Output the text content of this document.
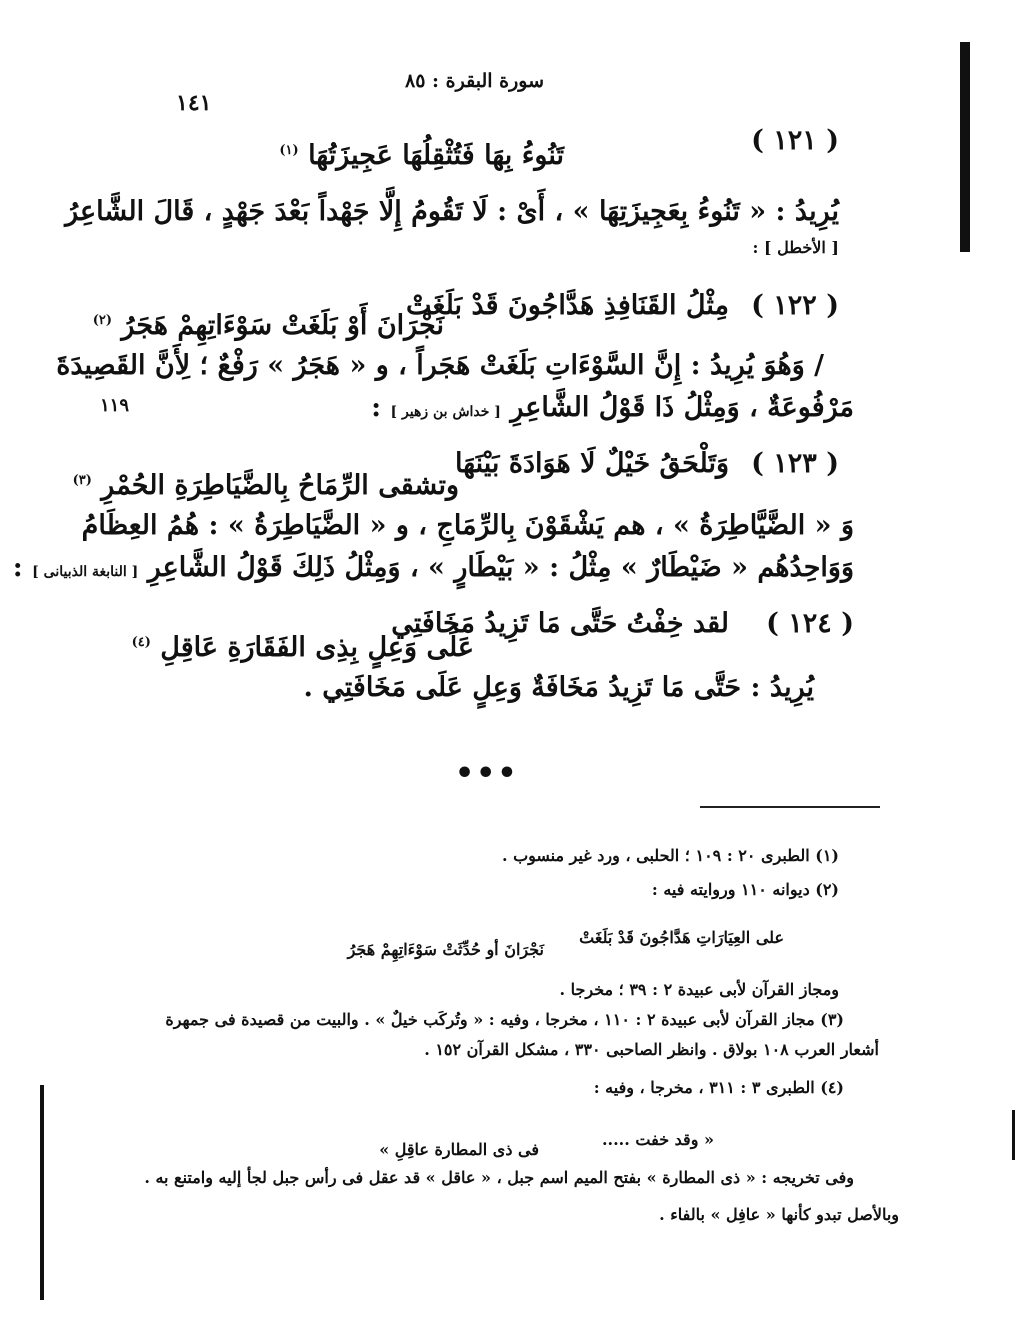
سورة البقرة : ٨٥
١٤١
( ١٢١ )
تَنُوءُ بِهَا فَتُثْقِلُهَا عَجِيزَتُهَا $^{(١)}$
يُرِيدُ : « تَنُوءُ بِعَجِيزَتِهَا » ، أَىْ : لَا تَقُومُ إِلَّا جَهْداً بَعْدَ جَهْدٍ ، قَالَ الشَّاعِرُ
[ الأخطل ] :
( ١٢٢ )
مِثْلُ القَنَافِذِ هَدَّاجُونَ قَدْ بَلَغَتْ
نَجْرَانَ أَوْ بَلَغَتْ سَوْءَاتِهِمْ هَجَرُ $^{(٢)}$
/ وَهُوَ يُرِيدُ : إِنَّ السَّوْءَاتِ بَلَغَتْ هَجَراً ، و « هَجَرُ » رَفْعٌ ؛ لِأَنَّ القَصِيدَةَ
١١٩	مَرْفُوعَةٌ ، وَمِثْلُ ذَا قَوْلُ الشَّاعِرِ [ خداش بن زهير ] :
( ١٢٣ )
وَتَلْحَقُ خَيْلٌ لَا هَوَادَةَ بَيْنَهَا
وتشقى الرِّمَاحُ بِالضَّيَاطِرَةِ الحُمْرِ $^{(٣)}$
وَ « الضَّيَّاطِرَةُ » ، هم يَشْقَوْنَ بِالرِّمَاجِ ، و « الضَّيَاطِرَةُ » : هُمُ العِظَامُ
وَوَاحِدُهُم « ضَيْطَارٌ » مِثْلُ : « بَيْطَارٍ » ، وَمِثْلُ ذَلِكَ قَوْلُ الشَّاعِرِ [ النابغة الذبيانى ] :
( ١٢٤ )
لقد خِفْتُ حَتَّى مَا تَزِيدُ مَخَافَتِي
عَلَى وَعِلٍ بِذِى الفَقَارَةِ عَاقِلِ $^{(٤)}$
يُرِيدُ : حَتَّى مَا تَزِيدُ مَخَافَةٌ وَعِلٍ عَلَى مَخَافَتِي .
•••
(١) الطبرى ٢٠ : ١٠٩ ؛ الحلبى ، ورد غير منسوب .
(٢) ديوانه ١١٠ وروايته فيه :
على العِيَارَاتِ هَدَّاجُونَ قَدْ بَلَغَتْ
نَجْرَانَ أو حُدِّثَتْ سَوْءَاتِهِمْ هَجَرُ
ومجاز القرآن لأبى عبيدة ٢ : ٣٩ ؛ مخرجا .
(٣) مجاز القرآن لأبى عبيدة ٢ : ١١٠ ، مخرجا ، وفيه : « وتُركَب خيلٌ » . والبيت من قصيدة فى جمهرة
أشعار العرب ١٠٨ بولاق . وانظر الصاحبى ٣٣٠ ، مشكل القرآن ١٥٢ .
(٤) الطبرى ٣ : ٣١١ ، مخرجا ، وفيه :
« وقد خفت .....
فى ذى المطارة عاقِلِ »
وفى تخريجه : « ذى المطارة » بفتح الميم اسم جبل ، « عاقل » قد عقل فى رأس جبل لجأ إليه وامتنع به .
وبالأصل تبدو كأنها « عافِل » بالفاء .
